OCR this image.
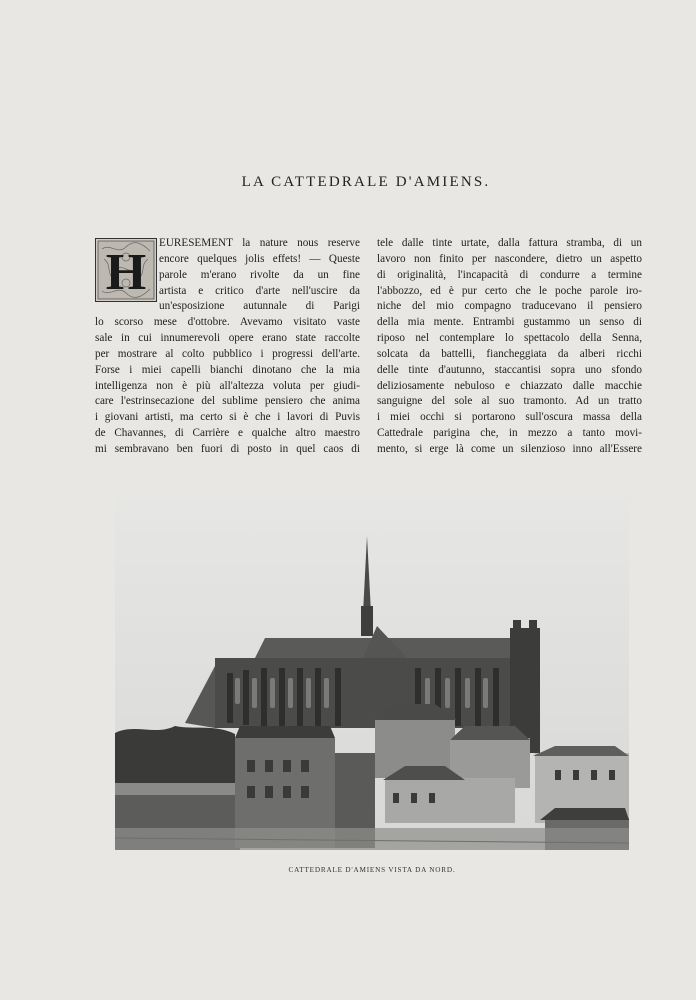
LA CATTEDRALE D'AMIENS.
H
EURESEMENT la nature nous reserve
encore quelques jolis effets! — Queste
parole m'erano rivolte da un fine
artista e critico d'arte nell'uscire da
un'esposizione autunnale di Parigi
lo scorso mese d'ottobre. Avevamo visitato vaste
sale in cui innumerevoli opere erano state raccolte
per mostrare al colto pubblico i progressi dell'arte.
Forse i miei capelli bianchi dinotano che la mia
intelligenza non è più all'altezza voluta per giudi-
care l'estrinsecazione del sublime pensiero che anima
i giovani artisti, ma certo si è che i lavori di Puvis
de Chavannes, di Carrière e qualche altro maestro
mi sembravano ben fuori di posto in quel caos di
tele dalle tinte urtate, dalla fattura stramba, di un
lavoro non finito per nascondere, dietro un aspetto
di originalità, l'incapacità di condurre a termine
l'abbozzo, ed è pur certo che le poche parole iro-
niche del mio compagno traducevano il pensiero
della mia mente. Entrambi gustammo un senso di
riposo nel contemplare lo spettacolo della Senna,
solcata da battelli, fiancheggiata da alberi ricchi
delle tinte d'autunno, staccantisi sopra uno sfondo
deliziosamente nebuloso e chiazzato dalle macchie
sanguigne del sole al suo tramonto. Ad un tratto
i miei occhi si portarono sull'oscura massa della
Cattedrale parigina che, in mezzo a tanto movi-
mento, si erge là come un silenzioso inno all'Essere
CATTEDRALE D'AMIENS VISTA DA NORD.
